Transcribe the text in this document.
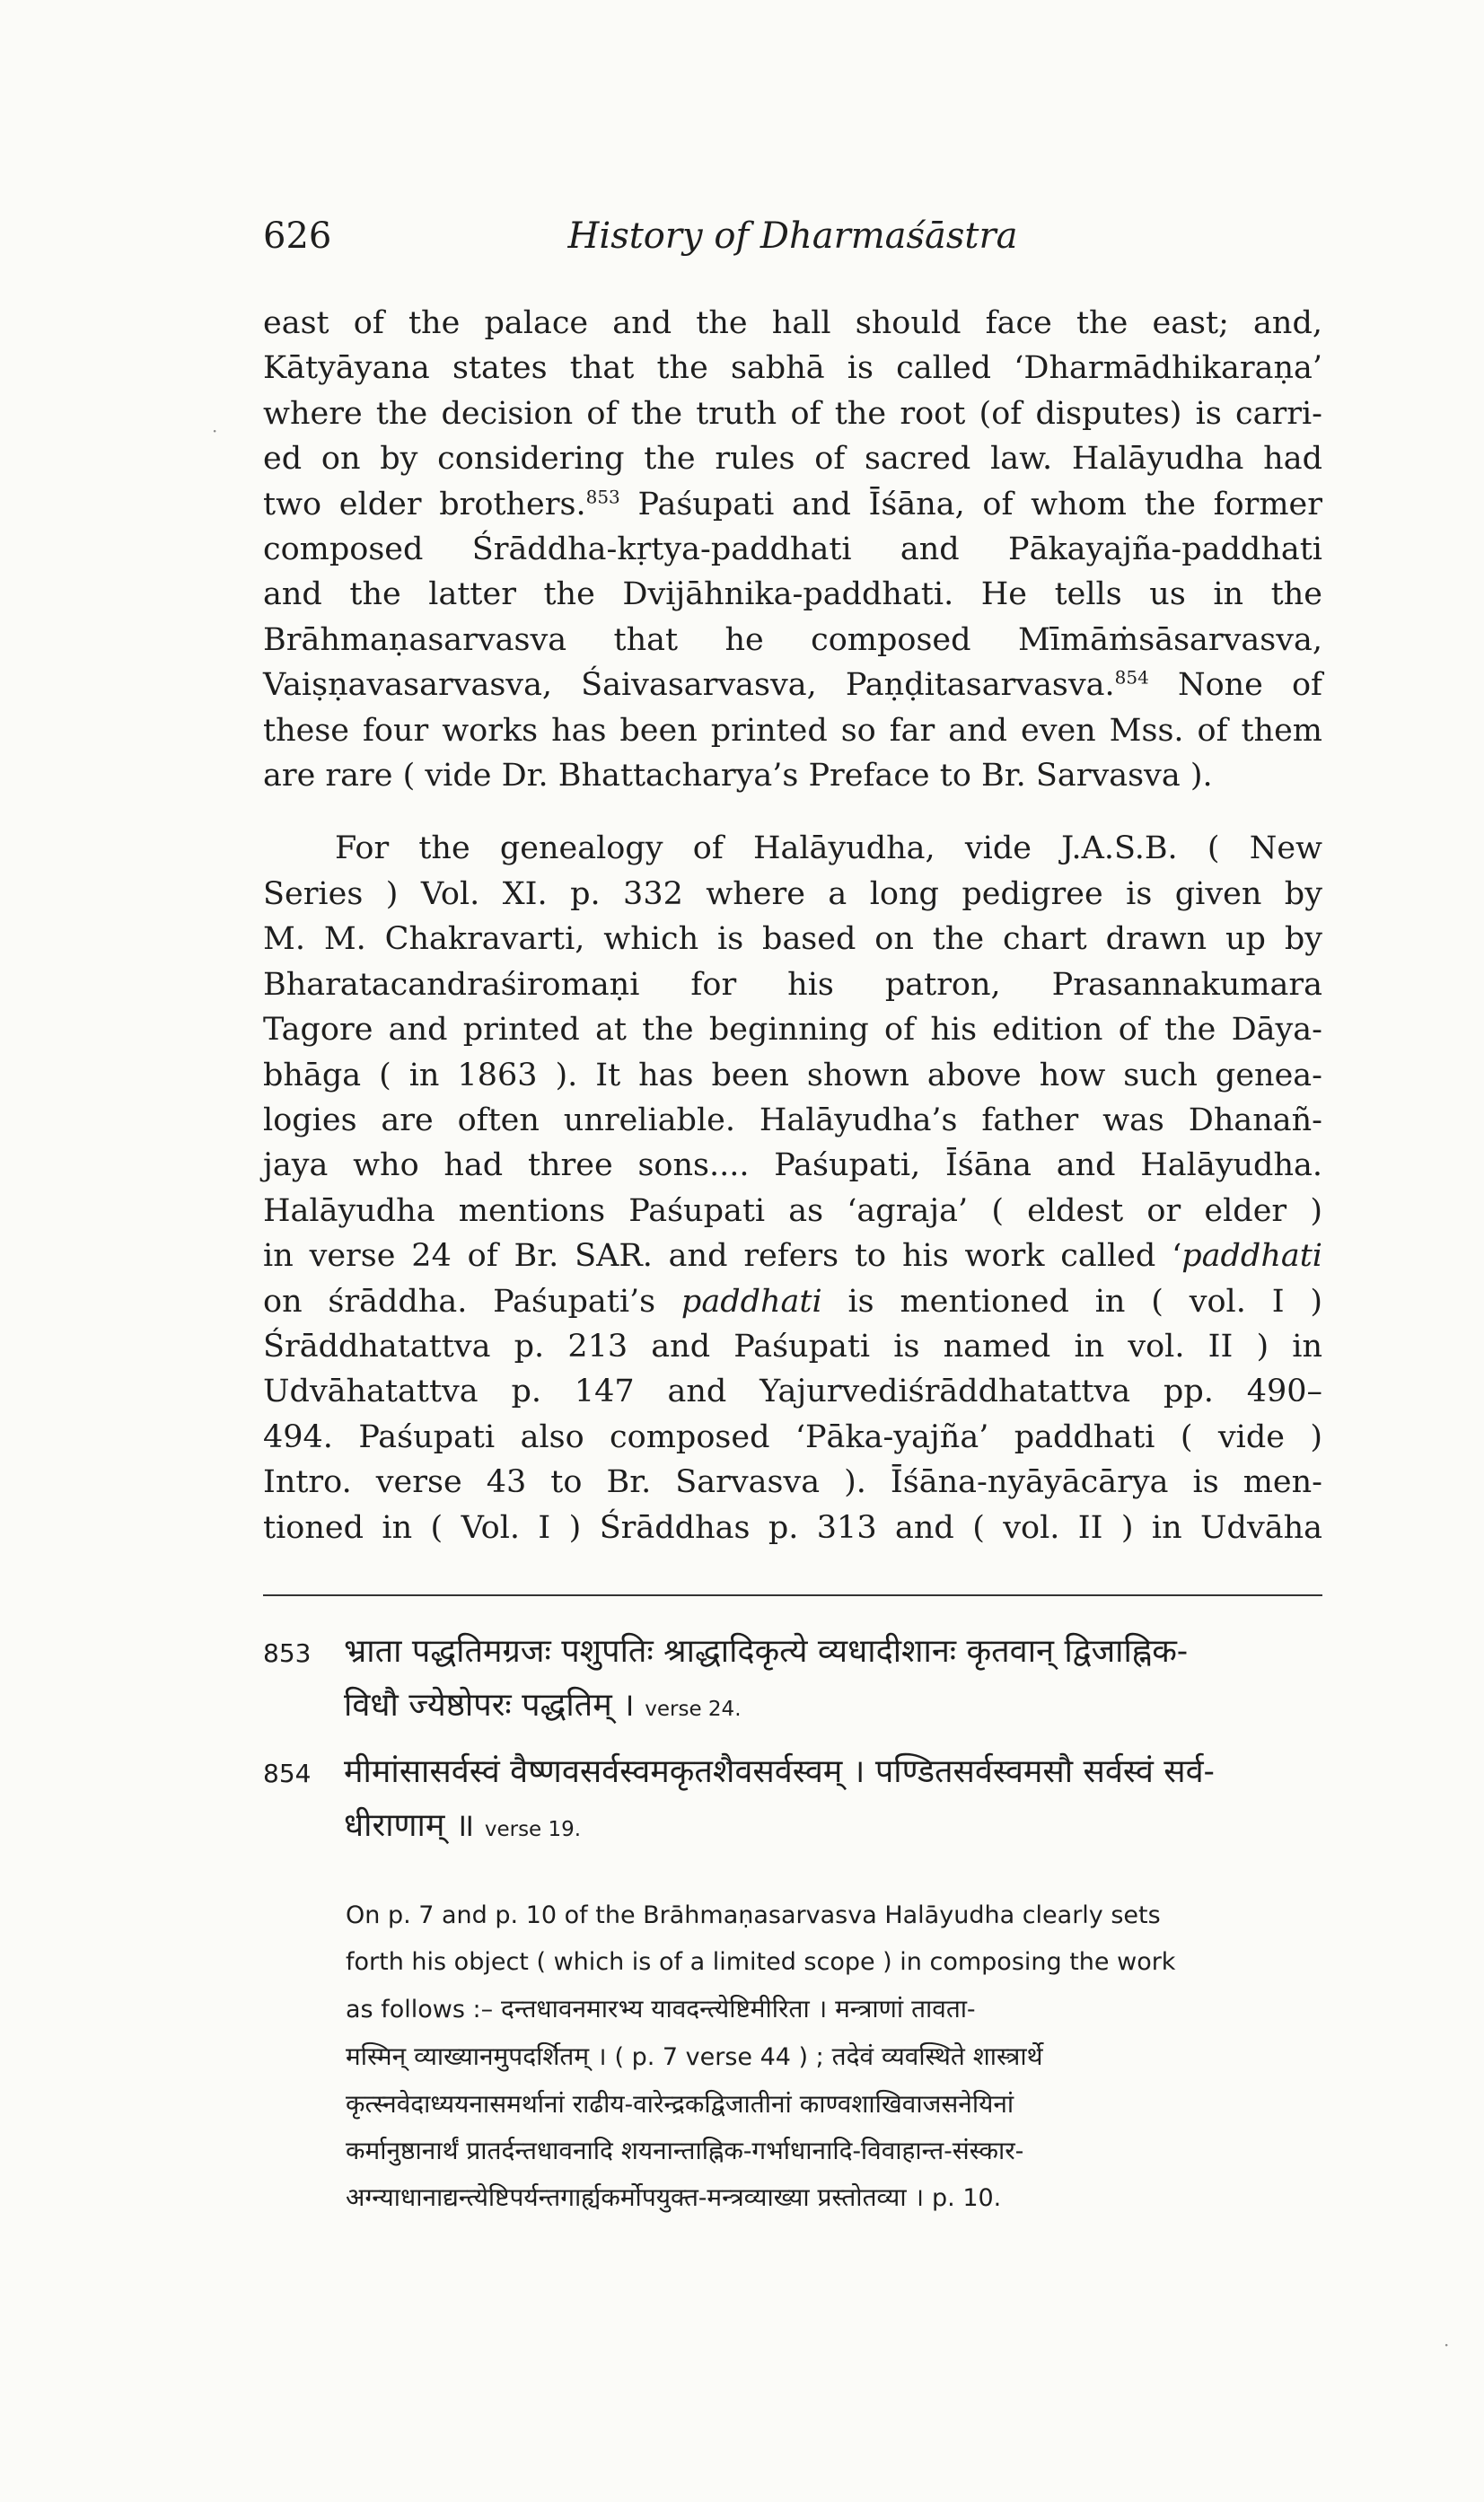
626	History of Dharmaśāstra
east of the palace and the hall should face the east; and,
Kātyāyana states that the sabhā is called ‘Dharmādhikaraṇa’
where the decision of the truth of the root (of disputes) is carri-
ed on by considering the rules of sacred law. Halāyudha had
two elder brothers.$^{853}$ Paśupati and Īśāna, of whom the former
composed Śrāddha-kṛtya-paddhati and Pākayajña-paddhati
and the latter the Dvijāhnika-paddhati. He tells us in the
Brāhmaṇasarvasva that he composed Mīmāṁsāsarvasva,
Vaiṣṇavasarvasva, Śaivasarvasva, Paṇḍitasarvasva.$^{854}$ None of
these four works has been printed so far and even Mss. of them
are rare ( vide Dr. Bhattacharya’s Preface to Br. Sarvasva ).
For the genealogy of Halāyudha, vide J.A.S.B. ( New
Series ) Vol. XI. p. 332 where a long pedigree is given by
M. M. Chakravarti, which is based on the chart drawn up by
Bharatacandraśiromaṇi for his patron, Prasannakumara
Tagore and printed at the beginning of his edition of the Dāya-
bhāga ( in 1863 ). It has been shown above how such genea-
logies are often unreliable. Halāyudha’s father was Dhanañ-
jaya who had three sons.... Paśupati, Īśāna and Halāyudha.
Halāyudha mentions Paśupati as ‘agraja’ ( eldest or elder )
in verse 24 of Br. SAR. and refers to his work called ‘paddhati
on śrāddha. Paśupati’s paddhati is mentioned in ( vol. I )
Śrāddhatattva p. 213 and Paśupati is named in vol. II ) in
Udvāhatattva p. 147 and Yajurvediśrāddhatattva pp. 490–
494. Paśupati also composed ‘Pāka-yajña’ paddhati ( vide )
Intro. verse 43 to Br. Sarvasva ). Īśāna-nyāyācārya is men-
tioned in ( Vol. I ) Śrāddhas p. 313 and ( vol. II ) in Udvāha
853 भ्राता पद्धतिमग्रजः पशुपतिः श्राद्धादिकृत्ये व्यधादीशानः कृतवान् द्विजाह्निक-
विधौ ज्येष्ठोपरः पद्धतिम् । verse 24.
854 मीमांसासर्वस्वं वैष्णवसर्वस्वमकृतशैवसर्वस्वम् । पण्डितसर्वस्वमसौ सर्वस्वं सर्व-
धीराणाम् ॥ verse 19.
On p. 7 and p. 10 of the Brāhmaṇasarvasva Halāyudha clearly sets
forth his object ( which is of a limited scope ) in composing the work
as follows :– दन्तधावनमारभ्य यावदन्त्येष्टिमीरिता । मन्त्राणां तावता-
मस्मिन् व्याख्यानमुपदर्शितम् । ( p. 7 verse 44 ) ; तदेवं व्यवस्थिते शास्त्रार्थे
कृत्स्नवेदाध्ययनासमर्थानां राढीय-वारेन्द्रकद्विजातीनां काण्वशाखिवाजसनेयिनां
कर्मानुष्ठानार्थं प्रातर्दन्तधावनादि शयनान्ताह्निक-गर्भाधानादि-विवाहान्त-संस्कार-
अग्न्याधानाद्यन्त्येष्टिपर्यन्तगार्ह्यकर्मोपयुक्त-मन्त्रव्याख्या प्रस्तोतव्या । p. 10.
·
·
